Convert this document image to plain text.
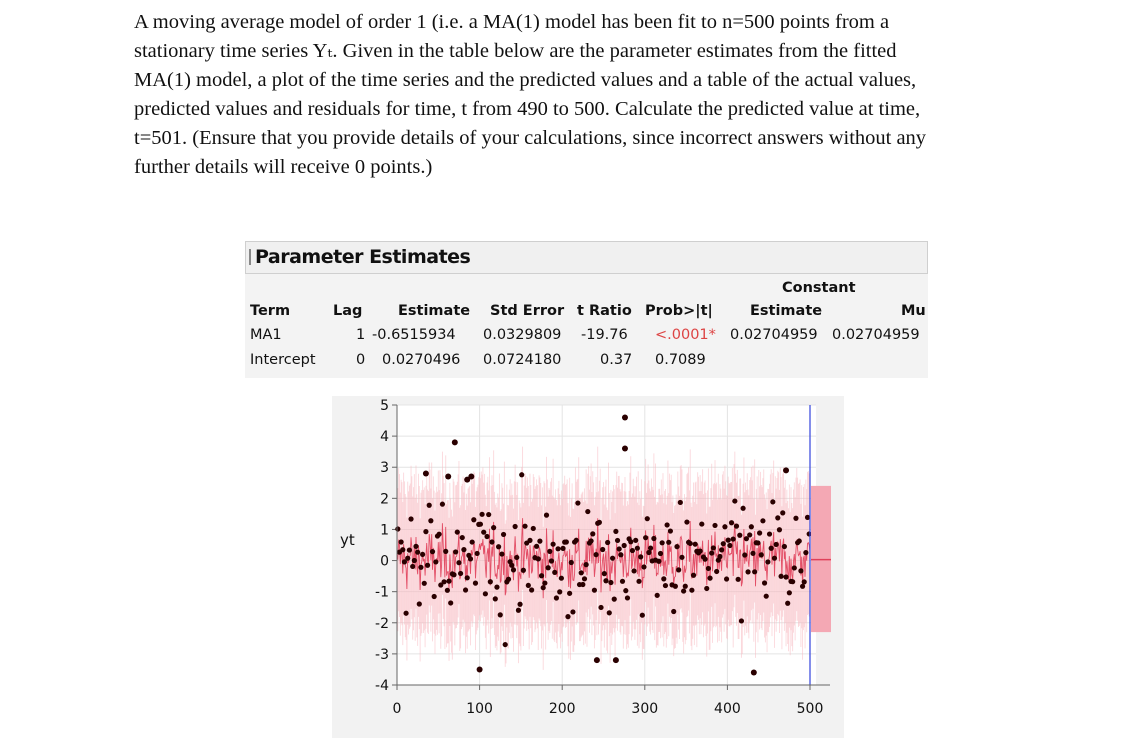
A moving average model of order 1 (i.e. a MA(1) model has been fit to n=500 points from a
stationary time series Yₜ. Given in the table below are the parameter estimates from the fitted
MA(1) model, a plot of the time series and the predicted values and a table of the actual values,
predicted values and residuals for time, t from 490 to 500. Calculate the predicted value at time,
t=501. (Ensure that you provide details of your calculations, since incorrect answers without any
further details will receive 0 points.)
Parameter Estimates
Constant
Term	Lag Estimate Std Error t Ratio Prob>|t|	Estimate	Mu
MA1	1 -0.6515934 0.0329809 -19.76 <.0001* 0.02704959 0.02704959
Intercept	0 0.0270496 0.0724180	0.37 0.7089
5
4
3
2
1
0
-1
-2
-3
-4
0	100	200	300	400	500
yt
